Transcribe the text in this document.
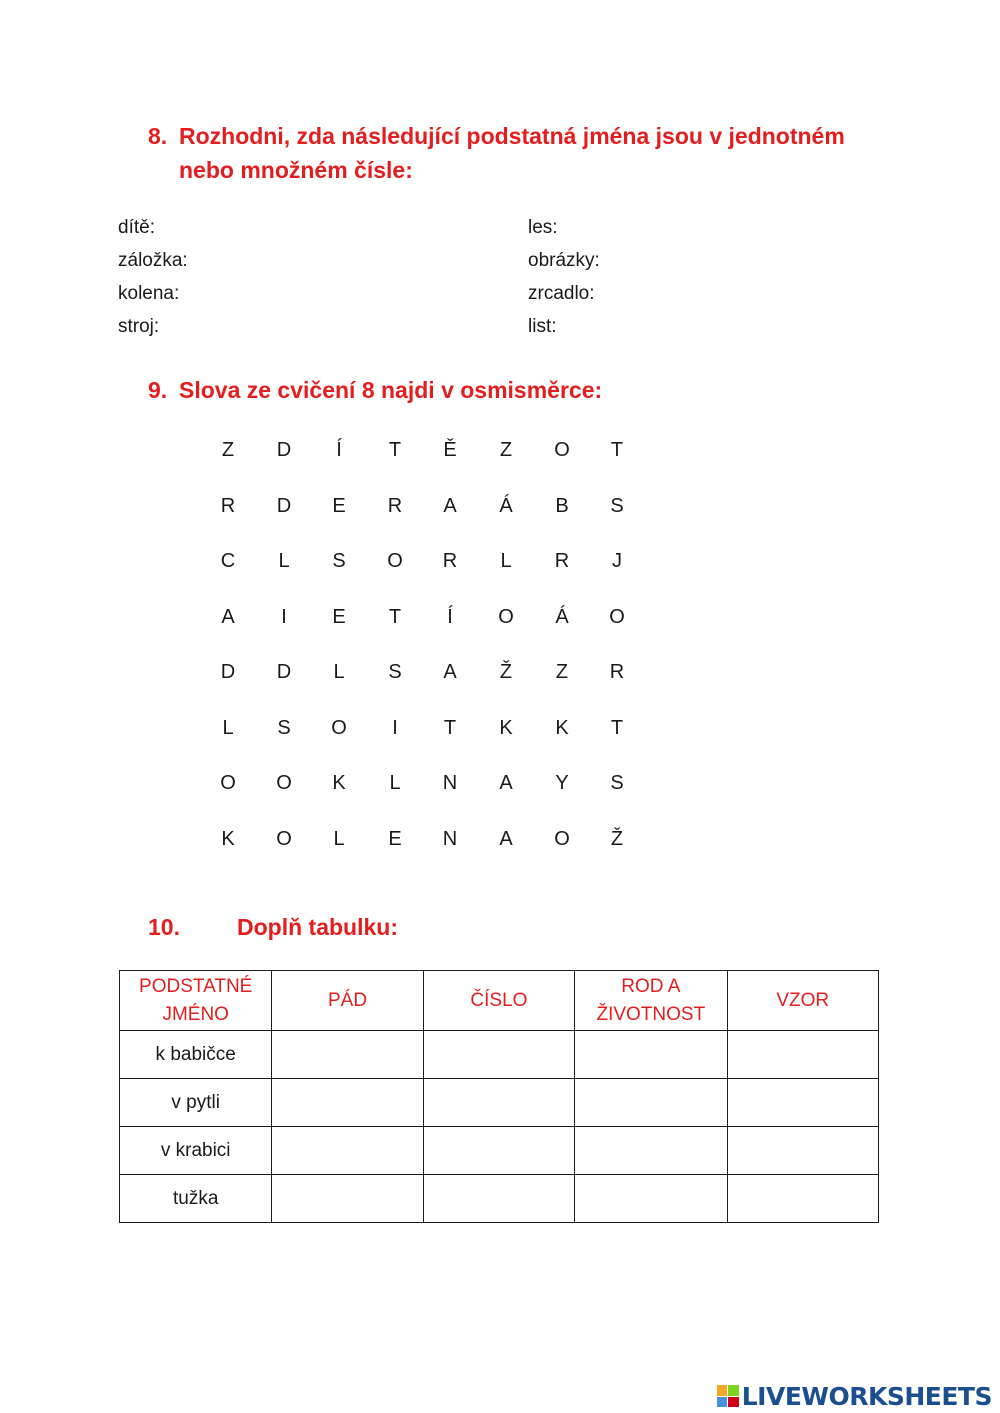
8. Rozhodni, zda následující podstatná jména jsou v jednotném nebo množném čísle:
dítě:
záložka:
kolena:
stroj:
les:
obrázky:
zrcadlo:
list:
9. Slova ze cvičení 8 najdi v osmisměrce:
Z	D	Í	T	Ě	Z	O	T
R	D	E	R	A	Á	B	S
C	L	S	O	R	L	R	J
A	I	E	T	Í	O	Á	O
D	D	L	S	A	Ž	Z	R
L	S	O	I	T	K	K	T
O	O	K	L	N	A	Y	S
K	O	L	E	N	A	O	Ž
10.	Doplň tabulku:
PODSTATNÉ JMÉNO	PÁD	ČÍSLO	ROD A ŽIVOTNOST	VZOR
k babičce				
v pytli				
v krabici				
tužka				
LIVEWORKSHEETS
